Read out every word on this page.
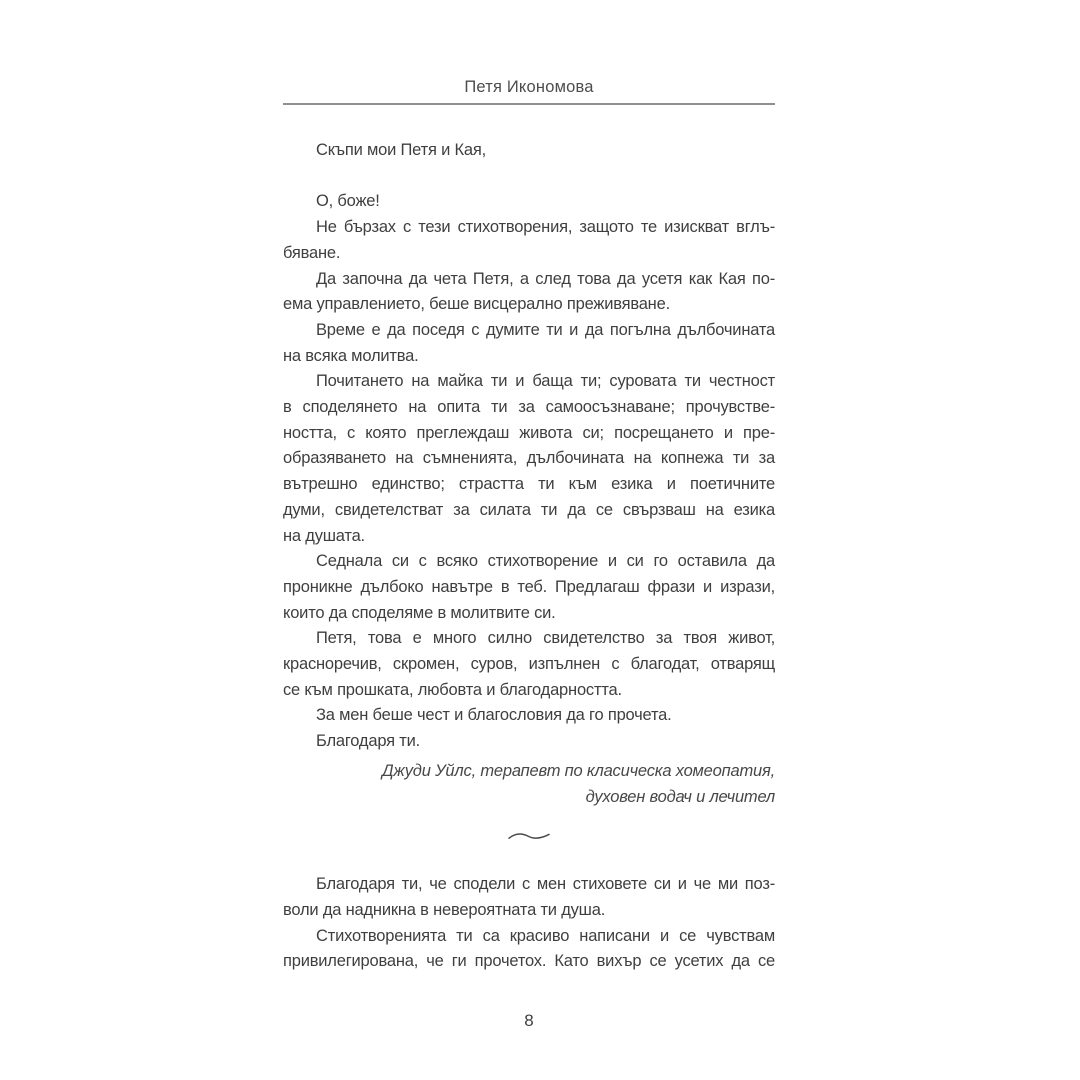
Петя Икономова

Скъпи мои Петя и Кая,

О, боже!

Не бързах с тези стихотворения, защото те изискват вглъ-

бяване.

Да започна да чета Петя, а след това да усетя как Кая по-

ема управлението, беше висцерално преживяване.

Време е да поседя с думите ти и да погълна дълбочината

на всяка молитва.

Почитането на майка ти и баща ти; суровата ти честност

в споделянето на опита ти за самоосъзнаване; прочувстве-

ността, с която преглеждаш живота си; посрещането и пре-

образяването на съмненията, дълбочината на копнежа ти за

вътрешно единство; страстта ти към езика и поетичните

думи, свидетелстват за силата ти да се свързваш на езика

на душата.

Седнала си с всяко стихотворение и си го оставила да

проникне дълбоко навътре в теб. Предлагаш фрази и изрази,

които да споделяме в молитвите си.

Петя, това е много силно свидетелство за твоя живот,

красноречив, скромен, суров, изпълнен с благодат, отварящ

се към прошката, любовта и благодарността.

За мен беше чест и благословия да го прочета.

Благодаря ти.

Джуди Уйлс, терапевт по класическа хомеопатия,

духовен водач и лечител

Благодаря ти, че сподели с мен стиховете си и че ми поз-

воли да надникна в невероятната ти душа.

Стихотворенията ти са красиво написани и се чувствам

привилегирована, че ги прочетох. Като вихър се усетих да се

8
